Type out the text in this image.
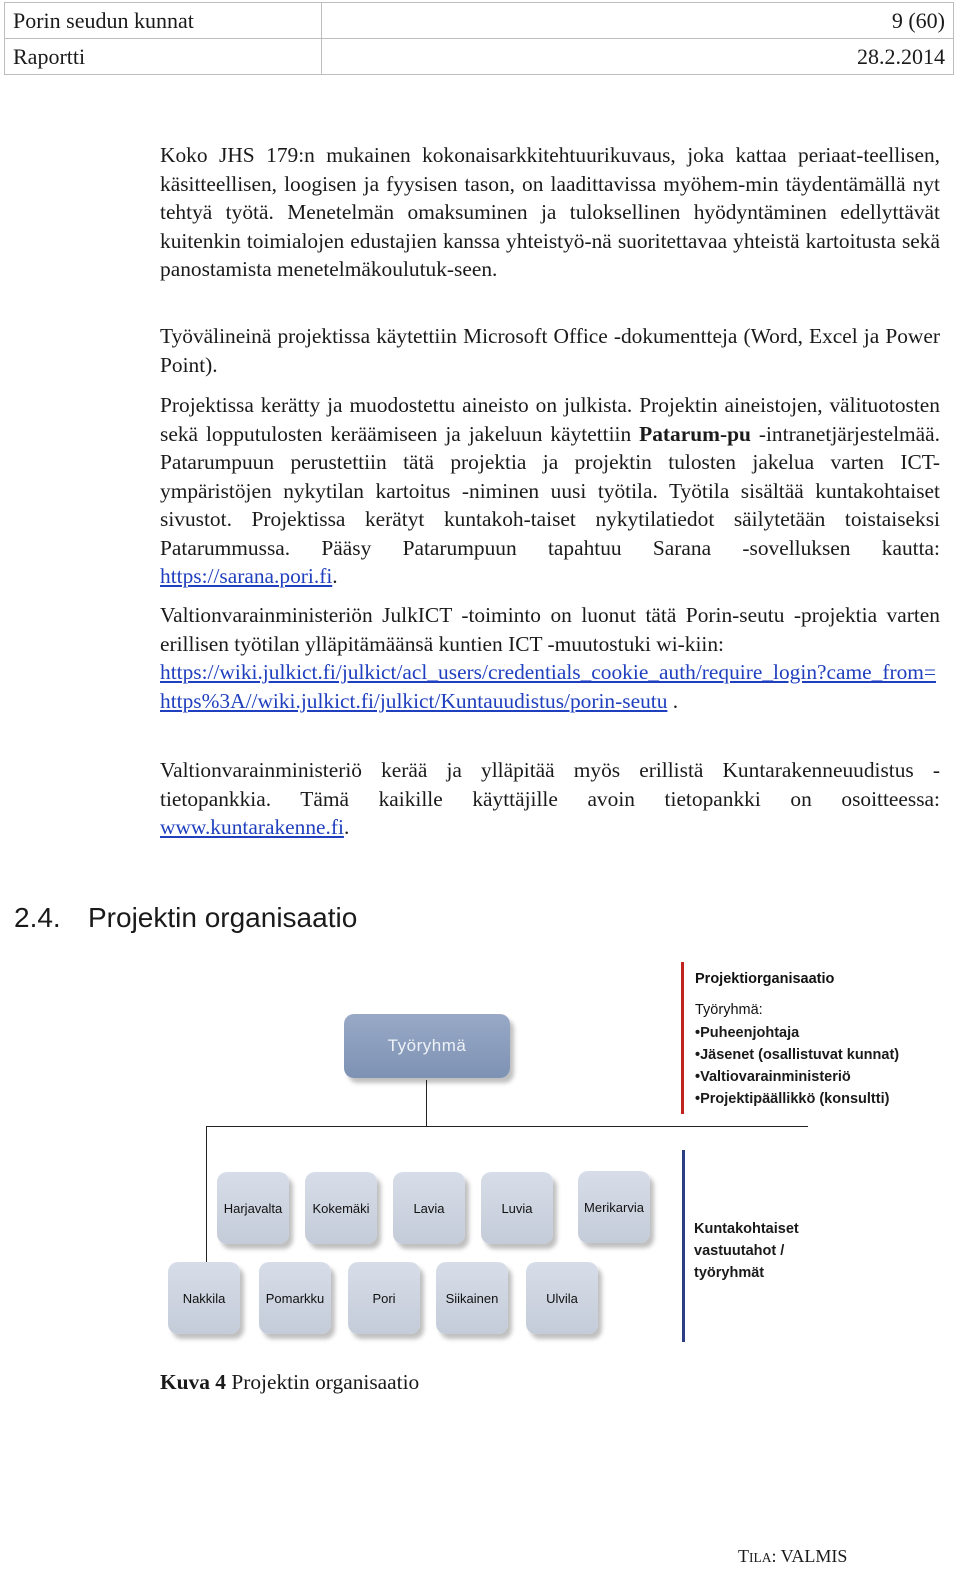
Porin seudun kunnat	9 (60)
Raportti	28.2.2014

Koko JHS 179:n mukainen kokonaisarkkitehtuurikuvaus, joka kattaa periaat-teellisen, käsitteellisen, loogisen ja fyysisen tason, on laadittavissa myöhem-min täydentämällä nyt tehtyä työtä. Menetelmän omaksuminen ja tuloksellinen hyödyntäminen edellyttävät kuitenkin toimialojen edustajien kanssa yhteistyö-nä suoritettavaa yhteistä kartoitusta sekä panostamista menetelmäkoulutuk-seen.

Työvälineinä projektissa käytettiin Microsoft Office -dokumentteja (Word, Excel ja Power Point).

Projektissa kerätty ja muodostettu aineisto on julkista. Projektin aineistojen, välituotosten sekä lopputulosten keräämiseen ja jakeluun käytettiin Patarum-pu -intranetjärjestelmää. Patarumpuun perustettiin tätä projektia ja projektin tulosten jakelua varten ICT-ympäristöjen nykytilan kartoitus -niminen uusi työtila. Työtila sisältää kuntakohtaiset sivustot. Projektissa kerätyt kuntakoh-taiset nykytilatiedot säilytetään toistaiseksi Patarummussa. Pääsy Patarumpuun tapahtuu Sarana -sovelluksen kautta: https://sarana.pori.fi.

Valtionvarainministeriön JulkICT -toiminto on luonut tätä Porin-seutu -projektia varten erillisen työtilan ylläpitämäänsä kuntien ICT -muutostuki wi-kiin:

https://wiki.julkict.fi/julkict/acl_users/credentials_cookie_auth/require_login?came_from=https%3A//wiki.julkict.fi/julkict/Kuntauudistus/porin-seutu .

Valtionvarainministeriö kerää ja ylläpitää myös erillistä Kuntarakenneuudistus -tietopankkia. Tämä kaikille käyttäjille avoin tietopankki on osoitteessa: www.kuntarakenne.fi.

2.4. Projektin organisaatio
Työryhmä
Harjavalta	Kokemäki	Lavia	Luvia	Merikarvia
Nakkila	Pomarkku	Pori	Siikainen	Ulvila
Projektiorganisaatio
Työryhmä:
• Puheenjohtaja
• Jäsenet (osallistuvat kunnat)
• Valtiovarainministeriö
• Projektipäällikkö (konsultti)
Kuntakohtaiset
vastuutahot /
työryhmät
Kuva 4 Projektin organisaatio
TILA: VALMIS
